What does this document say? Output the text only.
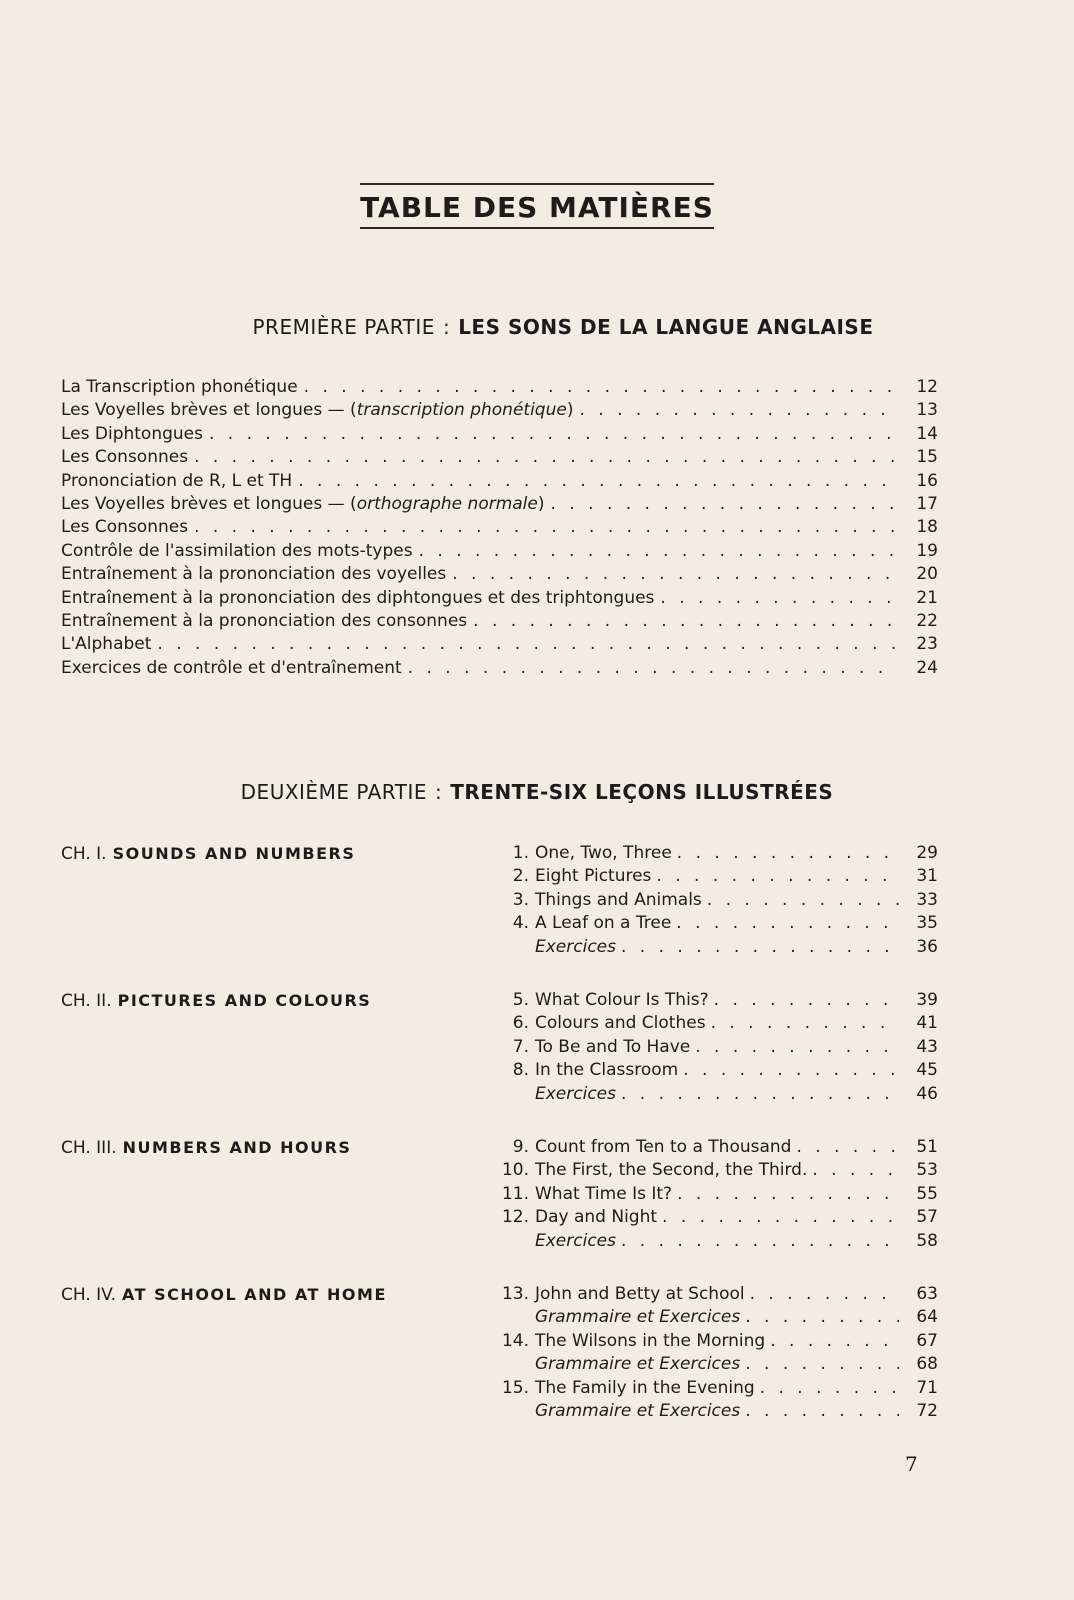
TABLE DES MATIÈRES
PREMIÈRE PARTIE : LES SONS DE LA LANGUE ANGLAISE
La Transcription phonétique . . .	12
Les Voyelles brèves et longues — (transcription phonétique) . . .	13
Les Diphtongues . . .	14
Les Consonnes . . .	15
Prononciation de R, L et TH . . .	16
Les Voyelles brèves et longues — (orthographe normale) . . .	17
Les Consonnes . . .	18
Contrôle de l'assimilation des mots-types . . .	19
Entraînement à la prononciation des voyelles . . .	20
Entraînement à la prononciation des diphtongues et des triphtongues . . .	21
Entraînement à la prononciation des consonnes . . .	22
L'Alphabet . . .	23
Exercices de contrôle et d'entraînement . . .	24
DEUXIÈME PARTIE : TRENTE-SIX LEÇONS ILLUSTRÉES
CH. I. SOUNDS AND NUMBERS	1. One, Two, Three . . .	29
2. Eight Pictures . . .	31
3. Things and Animals . . .	33
4. A Leaf on a Tree . . .	35
Exercices . . .	36
CH. II. PICTURES AND COLOURS	5. What Colour Is This? . . .	39
6. Colours and Clothes . . .	41
7. To Be and To Have . . .	43
8. In the Classroom . . .	45
Exercices . . .	46
CH. III. NUMBERS AND HOURS	9. Count from Ten to a Thousand . . .	51
10. The First, the Second, the Third. . . .	53
11. What Time Is It? . . .	55
12. Day and Night . . .	57
Exercices . . .	58
CH. IV. AT SCHOOL AND AT HOME	13. John and Betty at School . . .	63
Grammaire et Exercices . . .	64
14. The Wilsons in the Morning . . .	67
Grammaire et Exercices . . .	68
15. The Family in the Evening . . .	71
Grammaire et Exercices . . .	72
7
